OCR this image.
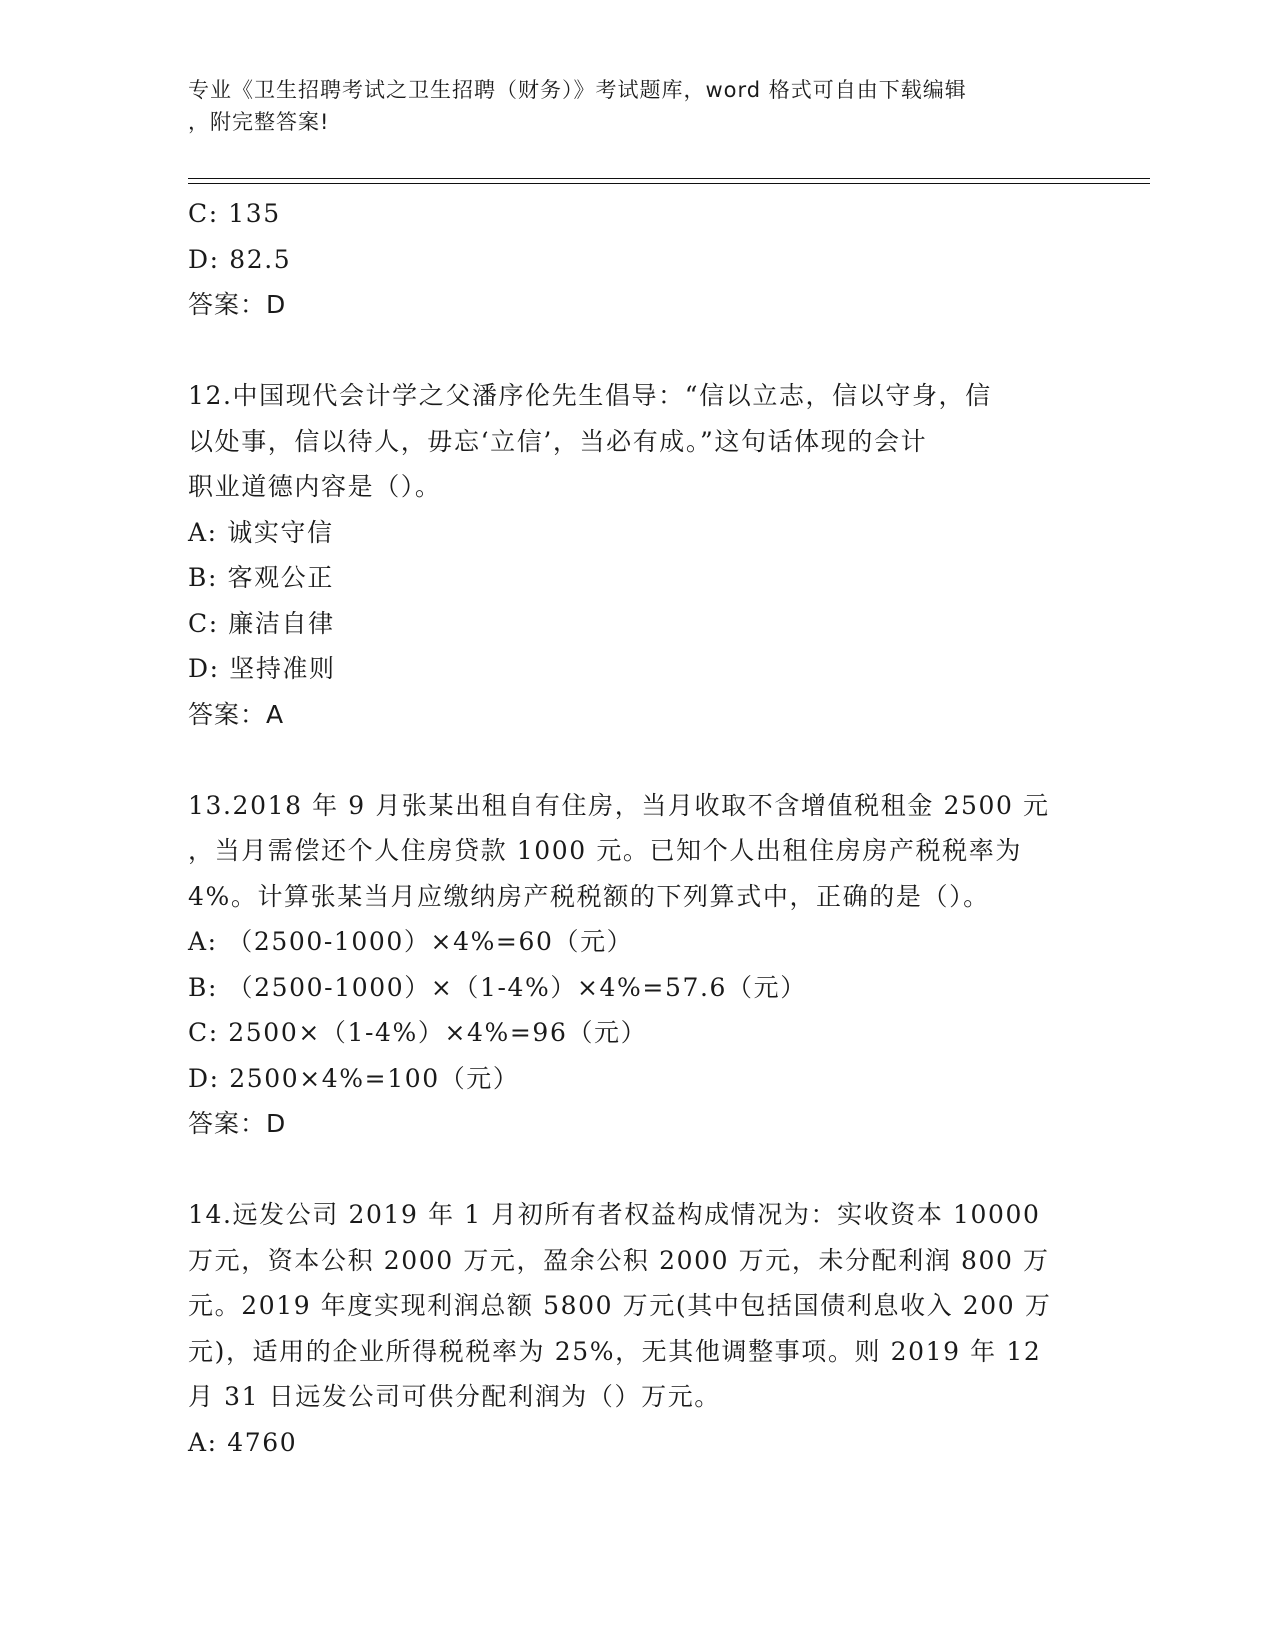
专业《卫生招聘考试之卫生招聘（财务）》考试题库，word 格式可自由下载编辑
，附完整答案!
C: 135
D: 82.5
答案：D
12.中国现代会计学之父潘序伦先生倡导：“信以立志，信以守身，信
以处事，信以待人，毋忘‘立信’，当必有成。”这句话体现的会计
职业道德内容是（）。
A: 诚实守信
B: 客观公正
C: 廉洁自律
D: 坚持准则
答案：A
13.2018 年 9 月张某出租自有住房，当月收取不含增值税租金 2500 元
，当月需偿还个人住房贷款 1000 元。已知个人出租住房房产税税率为
4%。计算张某当月应缴纳房产税税额的下列算式中，正确的是（）。
A: （2500-1000）×4%=60（元）
B: （2500-1000）×（1-4%）×4%=57.6（元）
C: 2500×（1-4%）×4%=96（元）
D: 2500×4%=100（元）
答案：D
14.远发公司 2019 年 1 月初所有者权益构成情况为：实收资本 10000
万元，资本公积 2000 万元，盈余公积 2000 万元，未分配利润 800 万
元。2019 年度实现利润总额 5800 万元(其中包括国债利息收入 200 万
元)，适用的企业所得税税率为 25%，无其他调整事项。则 2019 年 12
月 31 日远发公司可供分配利润为（）万元。
A: 4760
